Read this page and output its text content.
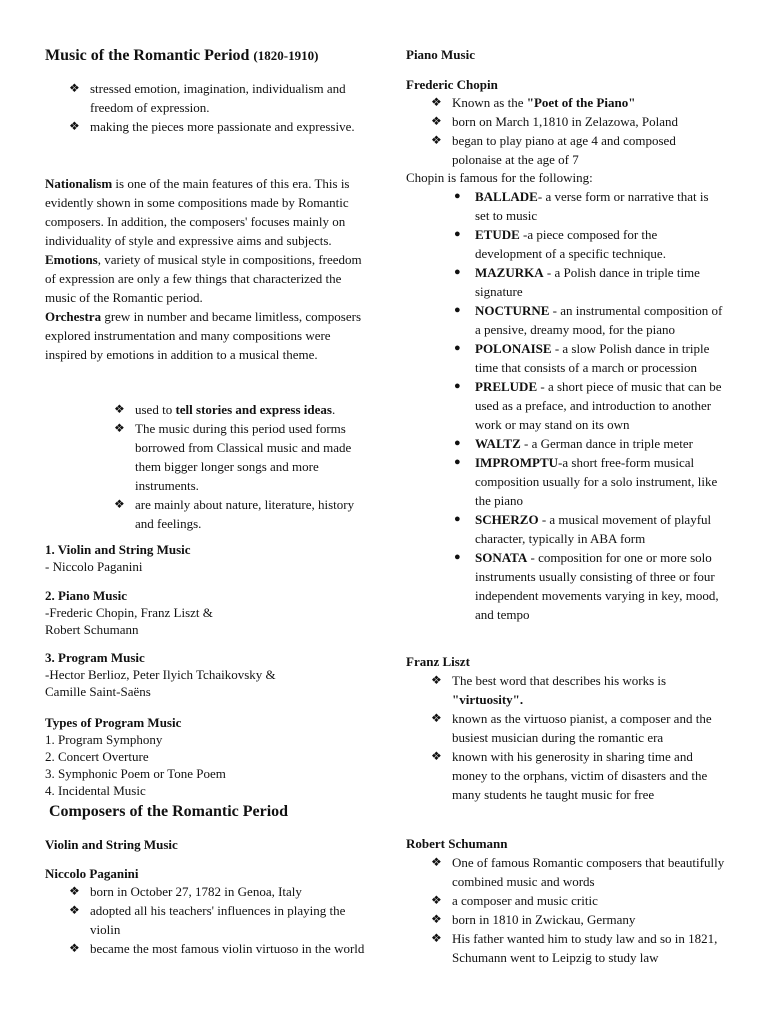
Music of the Romantic Period (1820-1910)
❖ stressed emotion, imagination, individualism and freedom of expression.
❖ making the pieces more passionate and expressive.

Nationalism is one of the main features of this era. This is evidently shown in some compositions made by Romantic composers. In addition, the composers' focuses mainly on individuality of style and expressive aims and subjects.

Emotions, variety of musical style in compositions, freedom of expression are only a few things that characterized the music of the Romantic period.

Orchestra grew in number and became limitless, composers explored instrumentation and many compositions were inspired by emotions in addition to a musical theme.

❖ used to tell stories and express ideas.
❖ The music during this period used forms borrowed from Classical music and made them bigger longer songs and more instruments.
❖ are mainly about nature, literature, history and feelings.

1. Violin and String Music

- Niccolo Paganini

2. Piano Music

-Frederic Chopin, Franz Liszt &

Robert Schumann

3. Program Music

-Hector Berlioz, Peter Ilyich Tchaikovsky &

Camille Saint-Saëns

Types of Program Music

1. Program Symphony

2. Concert Overture

3. Symphonic Poem or Tone Poem

4. Incidental Music

Composers of the Romantic Period
Violin and String Music
Niccolo Paganini
❖ born in October 27, 1782 in Genoa, Italy
❖ adopted all his teachers' influences in playing the violin
❖ became the most famous violin virtuoso in the world
Piano Music
Frederic Chopin
❖ Known as the "Poet of the Piano"
❖ born on March 1,1810 in Zelazowa, Poland
❖ began to play piano at age 4 and composed polonaise at the age of 7
Chopin is famous for the following:
● BALLADE- a verse form or narrative that is set to music
● ETUDE -a piece composed for the development of a specific technique.
● MAZURKA - a Polish dance in triple time signature
● NOCTURNE - an instrumental composition of a pensive, dreamy mood, for the piano
● POLONAISE - a slow Polish dance in triple time that consists of a march or procession
● PRELUDE - a short piece of music that can be used as a preface, and introduction to another work or may stand on its own
● WALTZ - a German dance in triple meter
● IMPROMPTU-a short free-form musical composition usually for a solo instrument, like the piano
● SCHERZO - a musical movement of playful character, typically in ABA form
● SONATA - composition for one or more solo instruments usually consisting of three or four independent movements varying in key, mood, and tempo
Franz Liszt
❖ The best word that describes his works is
"virtuosity".
❖ known as the virtuoso pianist, a composer and the busiest musician during the romantic era
❖ known with his generosity in sharing time and money to the orphans, victim of disasters and the many students he taught music for free
Robert Schumann
❖ One of famous Romantic composers that beautifully combined music and words
❖ a composer and music critic
❖ born in 1810 in Zwickau, Germany
❖ His father wanted him to study law and so in 1821, Schumann went to Leipzig to study law
